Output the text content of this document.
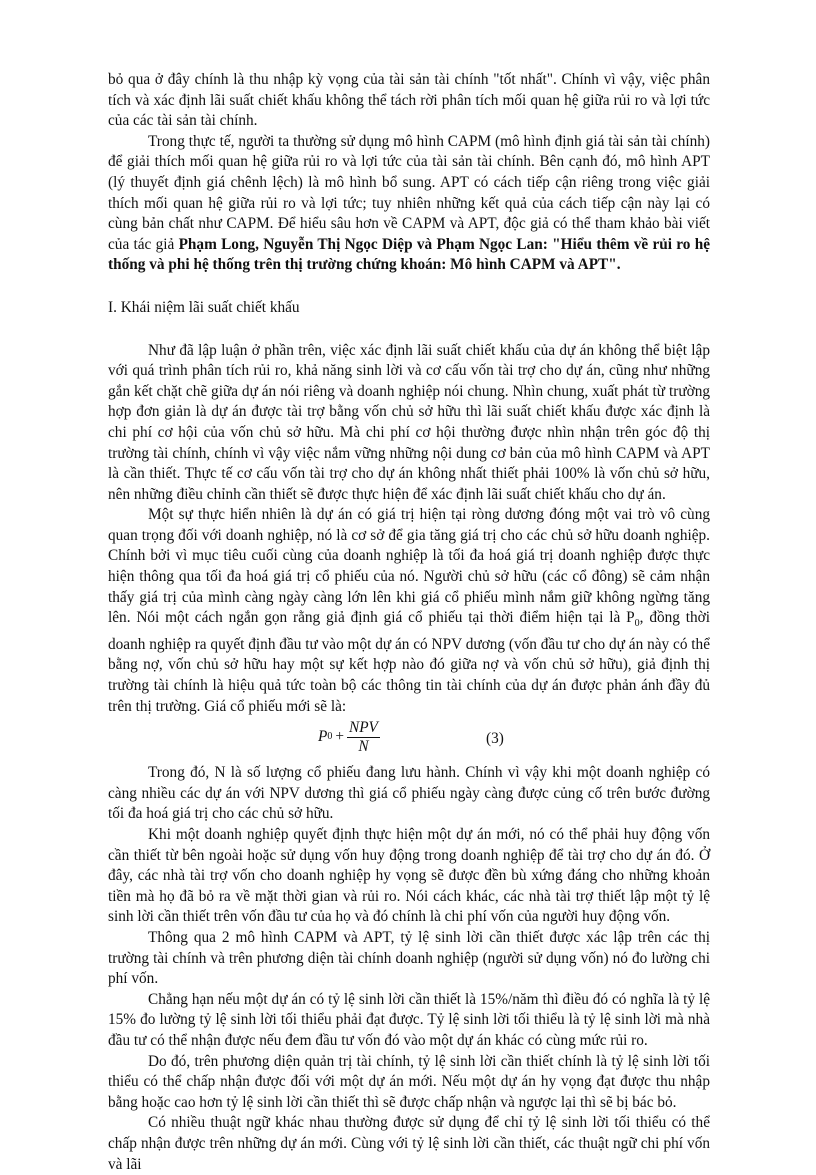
bỏ qua ở đây chính là thu nhập kỳ vọng của tài sản tài chính "tốt nhất". Chính vì vậy, việc phân tích và xác định lãi suất chiết khấu không thể tách rời phân tích mối quan hệ giữa rủi ro và lợi tức của các tài sản tài chính.

Trong thực tế, người ta thường sử dụng mô hình CAPM (mô hình định giá tài sản tài chính) để giải thích mối quan hệ giữa rủi ro và lợi tức của tài sản tài chính. Bên cạnh đó, mô hình APT (lý thuyết định giá chênh lệch) là mô hình bổ sung. APT có cách tiếp cận riêng trong việc giải thích mối quan hệ giữa rủi ro và lợi tức; tuy nhiên những kết quả của cách tiếp cận này lại có cùng bản chất như CAPM. Để hiểu sâu hơn về CAPM và APT, độc giả có thể tham khảo bài viết của tác giả Phạm Long, Nguyễn Thị Ngọc Diệp và Phạm Ngọc Lan: "Hiểu thêm về rủi ro hệ thống và phi hệ thống trên thị trường chứng khoán: Mô hình CAPM và APT".

I. Khái niệm lãi suất chiết khấu

Như đã lập luận ở phần trên, việc xác định lãi suất chiết khấu của dự án không thể biệt lập với quá trình phân tích rủi ro, khả năng sinh lời và cơ cấu vốn tài trợ cho dự án, cũng như những gắn kết chặt chẽ giữa dự án nói riêng và doanh nghiệp nói chung. Nhìn chung, xuất phát từ trường hợp đơn giản là dự án được tài trợ bằng vốn chủ sở hữu thì lãi suất chiết khấu được xác định là chi phí cơ hội của vốn chủ sở hữu. Mà chi phí cơ hội thường được nhìn nhận trên góc độ thị trường tài chính, chính vì vậy việc nắm vững những nội dung cơ bản của mô hình CAPM và APT là cần thiết. Thực tế cơ cấu vốn tài trợ cho dự án không nhất thiết phải 100% là vốn chủ sở hữu, nên những điều chỉnh cần thiết sẽ được thực hiện để xác định lãi suất chiết khấu cho dự án.

Một sự thực hiển nhiên là dự án có giá trị hiện tại ròng dương đóng một vai trò vô cùng quan trọng đối với doanh nghiệp, nó là cơ sở để gia tăng giá trị cho các chủ sở hữu doanh nghiệp. Chính bởi vì mục tiêu cuối cùng của doanh nghiệp là tối đa hoá giá trị doanh nghiệp được thực hiện thông qua tối đa hoá giá trị cổ phiếu của nó. Người chủ sở hữu (các cổ đông) sẽ cảm nhận thấy giá trị của mình càng ngày càng lớn lên khi giá cổ phiếu mình nắm giữ không ngừng tăng lên. Nói một cách ngắn gọn rằng giả định giá cổ phiếu tại thời điểm hiện tại là $P_0$, đồng thời doanh nghiệp ra quyết định đầu tư vào một dự án có NPV dương (vốn đầu tư cho dự án này có thể bằng nợ, vốn chủ sở hữu hay một sự kết hợp nào đó giữa nợ và vốn chủ sở hữu), giả định thị trường tài chính là hiệu quả tức toàn bộ các thông tin tài chính của dự án được phản ánh đầy đủ trên thị trường. Giá cổ phiếu mới sẽ là:

P $0 + \frac{\text{NPV}}{N}$	(3)

Trong đó, N là số lượng cổ phiếu đang lưu hành. Chính vì vậy khi một doanh nghiệp có càng nhiều các dự án với NPV dương thì giá cổ phiếu ngày càng được củng cố trên bước đường tối đa hoá giá trị cho các chủ sở hữu.

Khi một doanh nghiệp quyết định thực hiện một dự án mới, nó có thể phải huy động vốn cần thiết từ bên ngoài hoặc sử dụng vốn huy động trong doanh nghiệp để tài trợ cho dự án đó. Ở đây, các nhà tài trợ vốn cho doanh nghiệp hy vọng sẽ được đền bù xứng đáng cho những khoản tiền mà họ đã bỏ ra về mặt thời gian và rủi ro. Nói cách khác, các nhà tài trợ thiết lập một tỷ lệ sinh lời cần thiết trên vốn đầu tư của họ và đó chính là chi phí vốn của người huy động vốn.

Thông qua 2 mô hình CAPM và APT, tỷ lệ sinh lời cần thiết được xác lập trên các thị trường tài chính và trên phương diện tài chính doanh nghiệp (người sử dụng vốn) nó đo lường chi phí vốn.

Chẳng hạn nếu một dự án có tỷ lệ sinh lời cần thiết là 15%/năm thì điều đó có nghĩa là tỷ lệ 15% đo lường tỷ lệ sinh lời tối thiểu phải đạt được. Tỷ lệ sinh lời tối thiểu là tỷ lệ sinh lời mà nhà đầu tư có thể nhận được nếu đem đầu tư vốn đó vào một dự án khác có cùng mức rủi ro.

Do đó, trên phương diện quản trị tài chính, tỷ lệ sinh lời cần thiết chính là tỷ lệ sinh lời tối thiểu có thể chấp nhận được đối với một dự án mới. Nếu một dự án hy vọng đạt được thu nhập bằng hoặc cao hơn tỷ lệ sinh lời cần thiết thì sẽ được chấp nhận và ngược lại thì sẽ bị bác bỏ.

Có nhiều thuật ngữ khác nhau thường được sử dụng để chỉ tỷ lệ sinh lời tối thiểu có thể chấp nhận được trên những dự án mới. Cùng với tỷ lệ sinh lời cần thiết, các thuật ngữ chi phí vốn và lãi
